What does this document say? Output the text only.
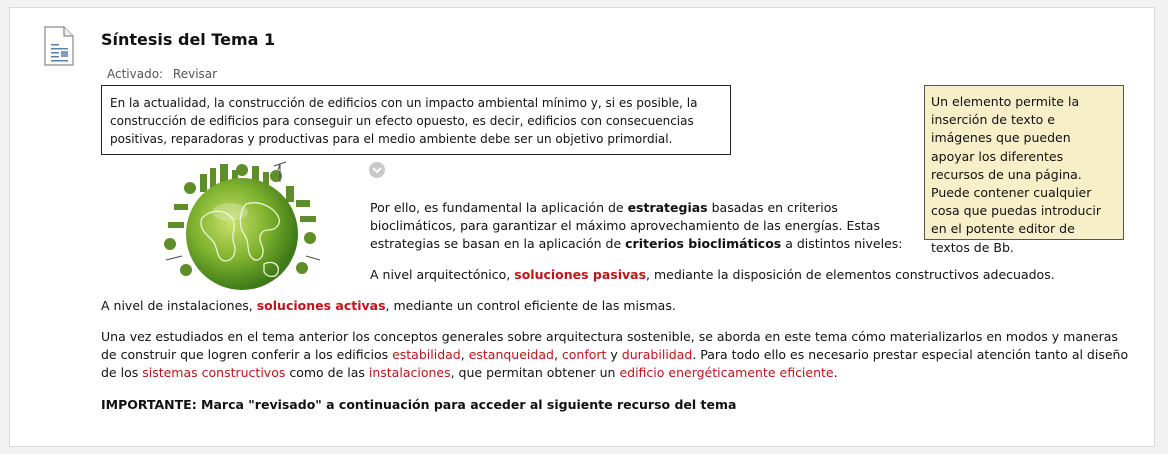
Síntesis del Tema 1
Activado: Revisar
En la actualidad, la construcción de edificios con un impacto ambiental mínimo y, si es posible, la construcción de edificios para conseguir un efecto opuesto, es decir, edificios con consecuencias positivas, reparadoras y productivas para el medio ambiente debe ser un objetivo primordial.
Un elemento permite la inserción de texto e imágenes que pueden apoyar los diferentes recursos de una página. Puede contener cualquier cosa que puedas introducir en el potente editor de textos de Bb.

Por ello, es fundamental la aplicación de estrategias basadas en criterios bioclimáticos, para garantizar el máximo aprovechamiento de las energías. Estas estrategias se basan en la aplicación de criterios bioclimáticos a distintos niveles:

A nivel arquitectónico, soluciones pasivas, mediante la disposición de elementos constructivos adecuados.

A nivel de instalaciones, soluciones activas, mediante un control eficiente de las mismas.

Una vez estudiados en el tema anterior los conceptos generales sobre arquitectura sostenible, se aborda en este tema cómo materializarlos en modos y maneras de construir que logren conferir a los edificios estabilidad, estanqueidad, confort y durabilidad. Para todo ello es necesario prestar especial atención tanto al diseño de los sistemas constructivos como de las instalaciones, que permitan obtener un edificio energéticamente eficiente.

IMPORTANTE: Marca "revisado" a continuación para acceder al siguiente recurso del tema
